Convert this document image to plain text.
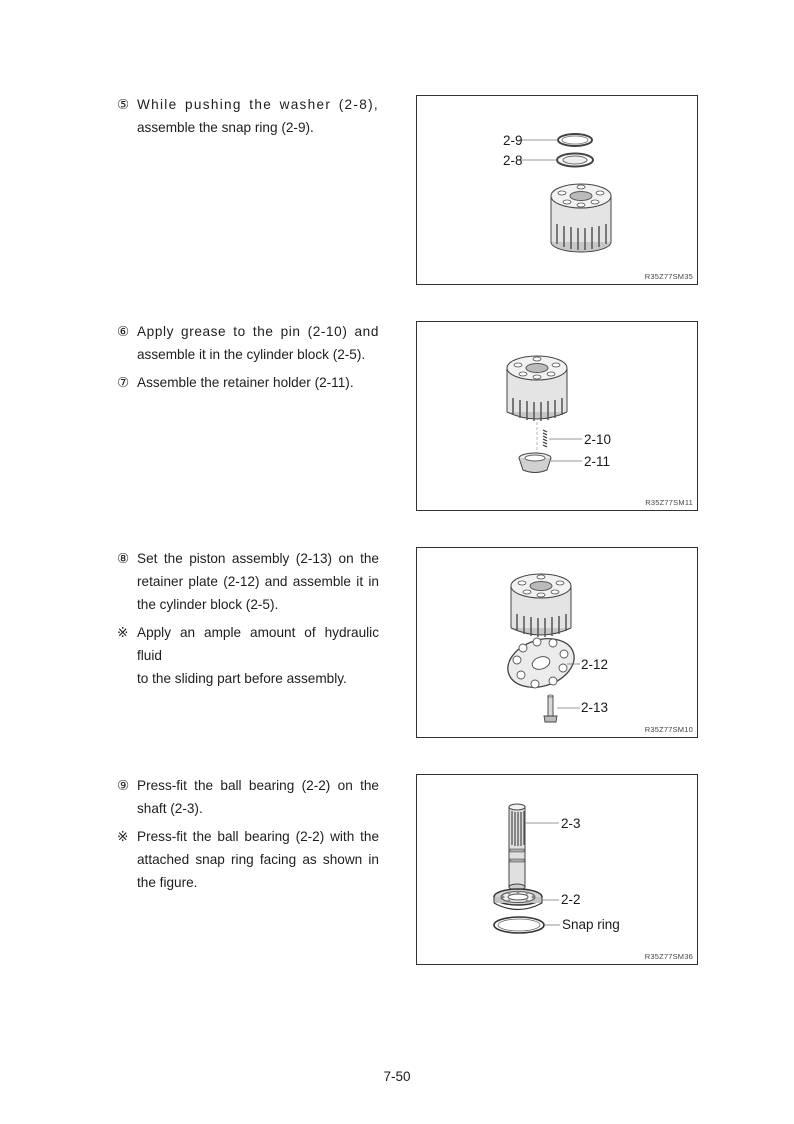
⑤ While pushing the washer (2-8),
assemble the snap ring (2-9).
2-9
2-8
R35Z77SM35
⑥ Apply grease to the pin (2-10) and
assemble it in the cylinder block (2-5).
⑦ Assemble the retainer holder (2-11).
2-10
2-11
R35Z77SM11
⑧ Set the piston assembly (2-13) on the
retainer plate (2-12) and assemble it in
the cylinder block (2-5).
※ Apply an ample amount of hydraulic fluid
to the sliding part before assembly.
2-12
2-13
R35Z77SM10
⑨ Press-fit the ball bearing (2-2) on the
shaft (2-3).
※ Press-fit the ball bearing (2-2) with the
attached snap ring facing as shown in
the figure.
2-3
2-2
Snap ring
R35Z77SM36
7-50
